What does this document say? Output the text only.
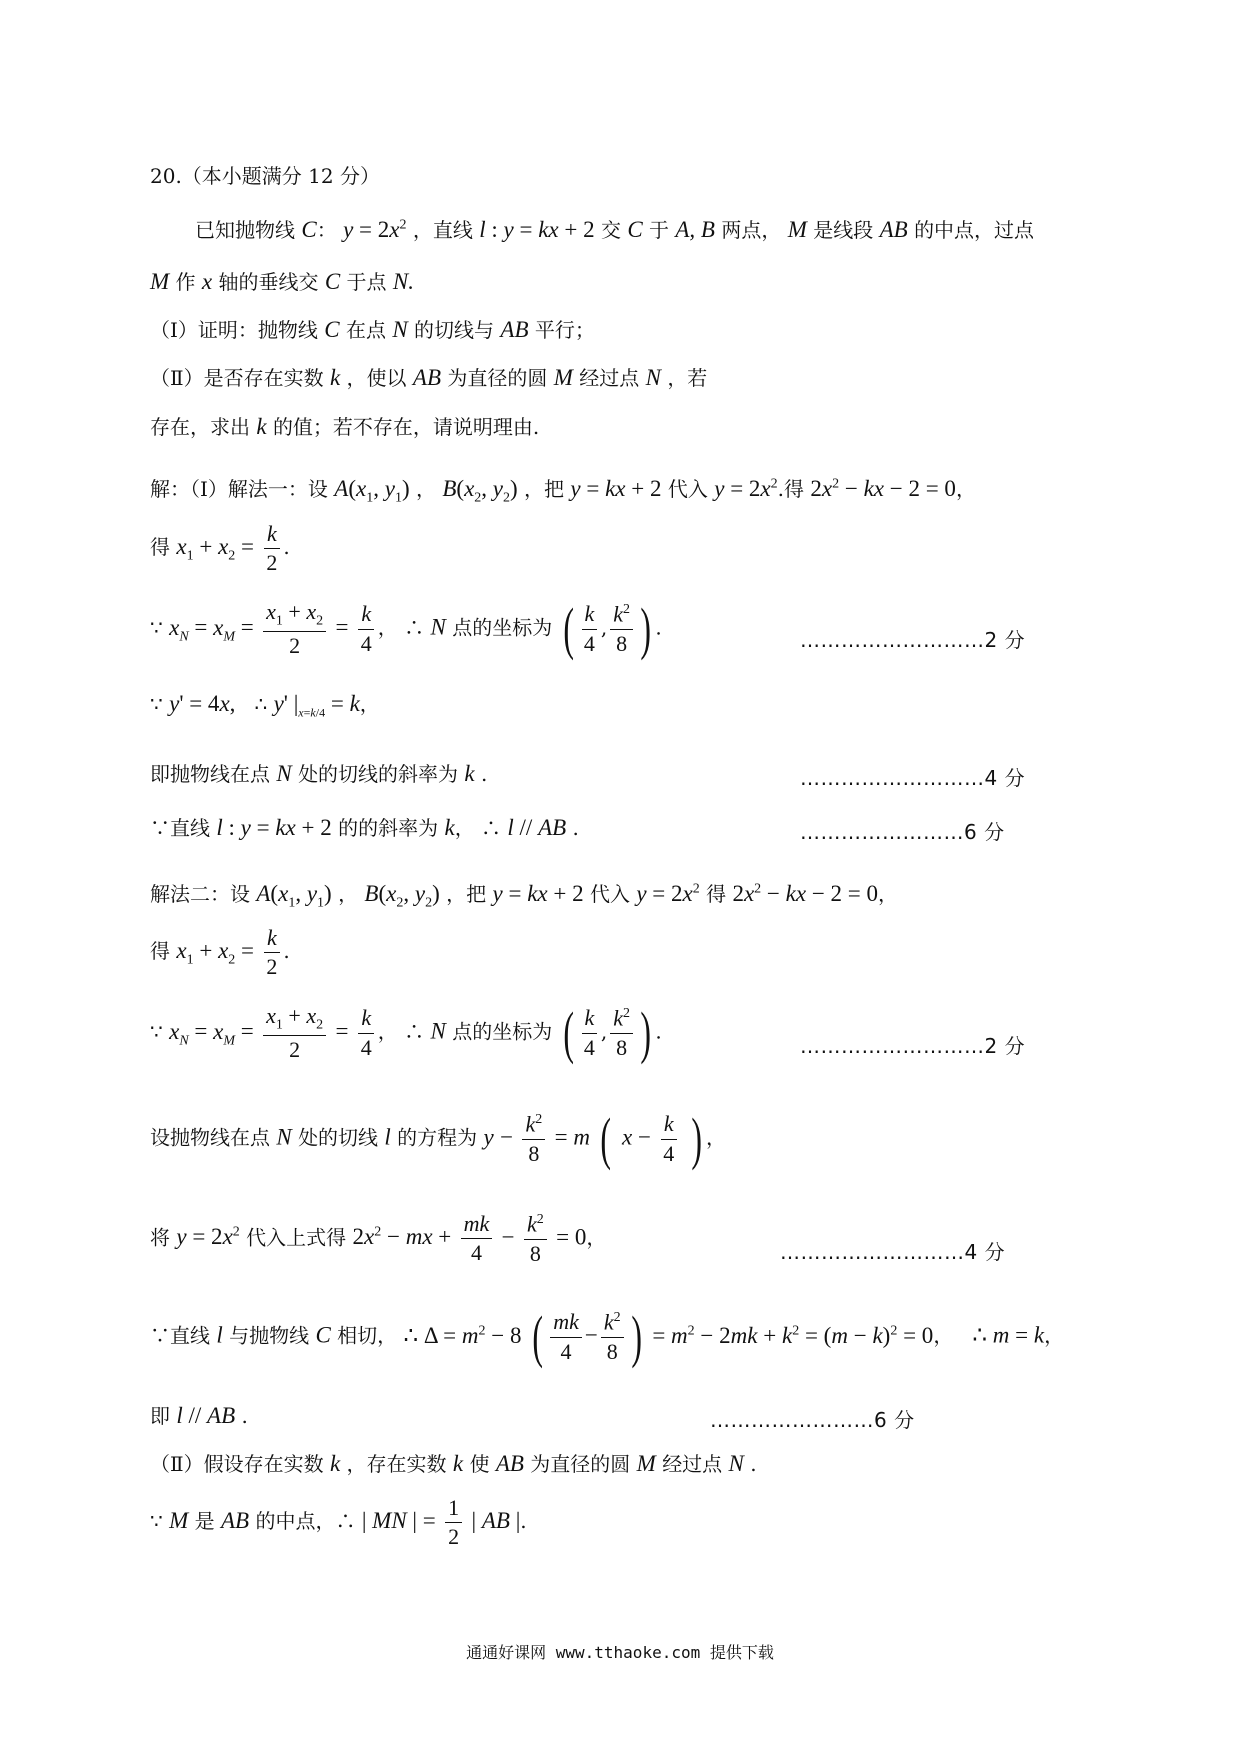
20.（本小题满分 12 分）
已知抛物线 C： $y = 2x^2$ ，直线 l : y = kx + 2 交 C 于 A, B 两点， M 是线段 AB 的中点，过点
M 作 x 轴的垂线交 C 于点 N.
（Ⅰ）证明：抛物线 C 在点 N 的切线与 AB 平行；
（Ⅱ）是否存在实数 k ，使以 AB 为直径的圆 M 经过点 N ，若
存在，求出 k 的值；若不存在，请说明理由.
解：（Ⅰ）解法一：设 $A(x_1$, $y_1$) ， $B(x_2$, $y_2$) ，把 y = kx + 2 代入 $y = 2x^2$.得 $2x^2$ − kx − 2 = 0，
得 $x_1 + x_2 = \frac{k}{2}$ .
∵ $x_N = x_M = \frac{x_1 + x_2}{2} = \frac{k}{4}$ ， ∴ N 点的坐标为 ( $\frac{k}{4}$ , $\frac{k^2}{8}$ ) .
………………………2 分
∵ y' = 4x, ∴ y' $|_{x=k/4} = k$，
即抛物线在点 N 处的切线的斜率为 k .	………………………4 分
∵直线 l : y = kx + 2 的的斜率为 k， ∴ l // AB .	……………………6 分
解法二：设 $A(x_1$, $y_1$) ， $B(x_2$, $y_2$) ，把 y = kx + 2 代入 $y = 2x^2$ 得 $2x^2$ − kx − 2 = 0，
得 $x_1 + x_2 = \frac{k}{2}$ .
∵ $x_N = x_M = \frac{x_1 + x_2}{2} = \frac{k}{4}$ ， ∴ N 点的坐标为 ( $\frac{k}{4}$ , $\frac{k^2}{8}$ ) .
………………………2 分
设抛物线在点 N 处的切线 l 的方程为 $y - \frac{k^2}{8} = m$ ( $x - \frac{k}{4}$ ) ，
将 $y = 2x^2$ 代入上式得 $2x^2$ − mx + $\frac{mk}{4} - \frac{k^2}{8} = 0$，
………………………4 分
∵直线 l 与抛物线 C 相切， ∴ $\Delta = m^2 - 8$ ( $\frac{mk}{4} - \frac{k^2}{8}$ ) = $m^2 - 2mk + k^2 = (m - k)^2 = 0$，   ∴ m = k，
即 l // AB .	……………………6 分
（Ⅱ）假设存在实数 k ，存在实数 k 使 AB 为直径的圆 M 经过点 N .
∵ M 是 AB 的中点，∴ | MN | = $\frac{1}{2}$ | AB |.
通通好课网 www.tthaoke.com 提供下载
